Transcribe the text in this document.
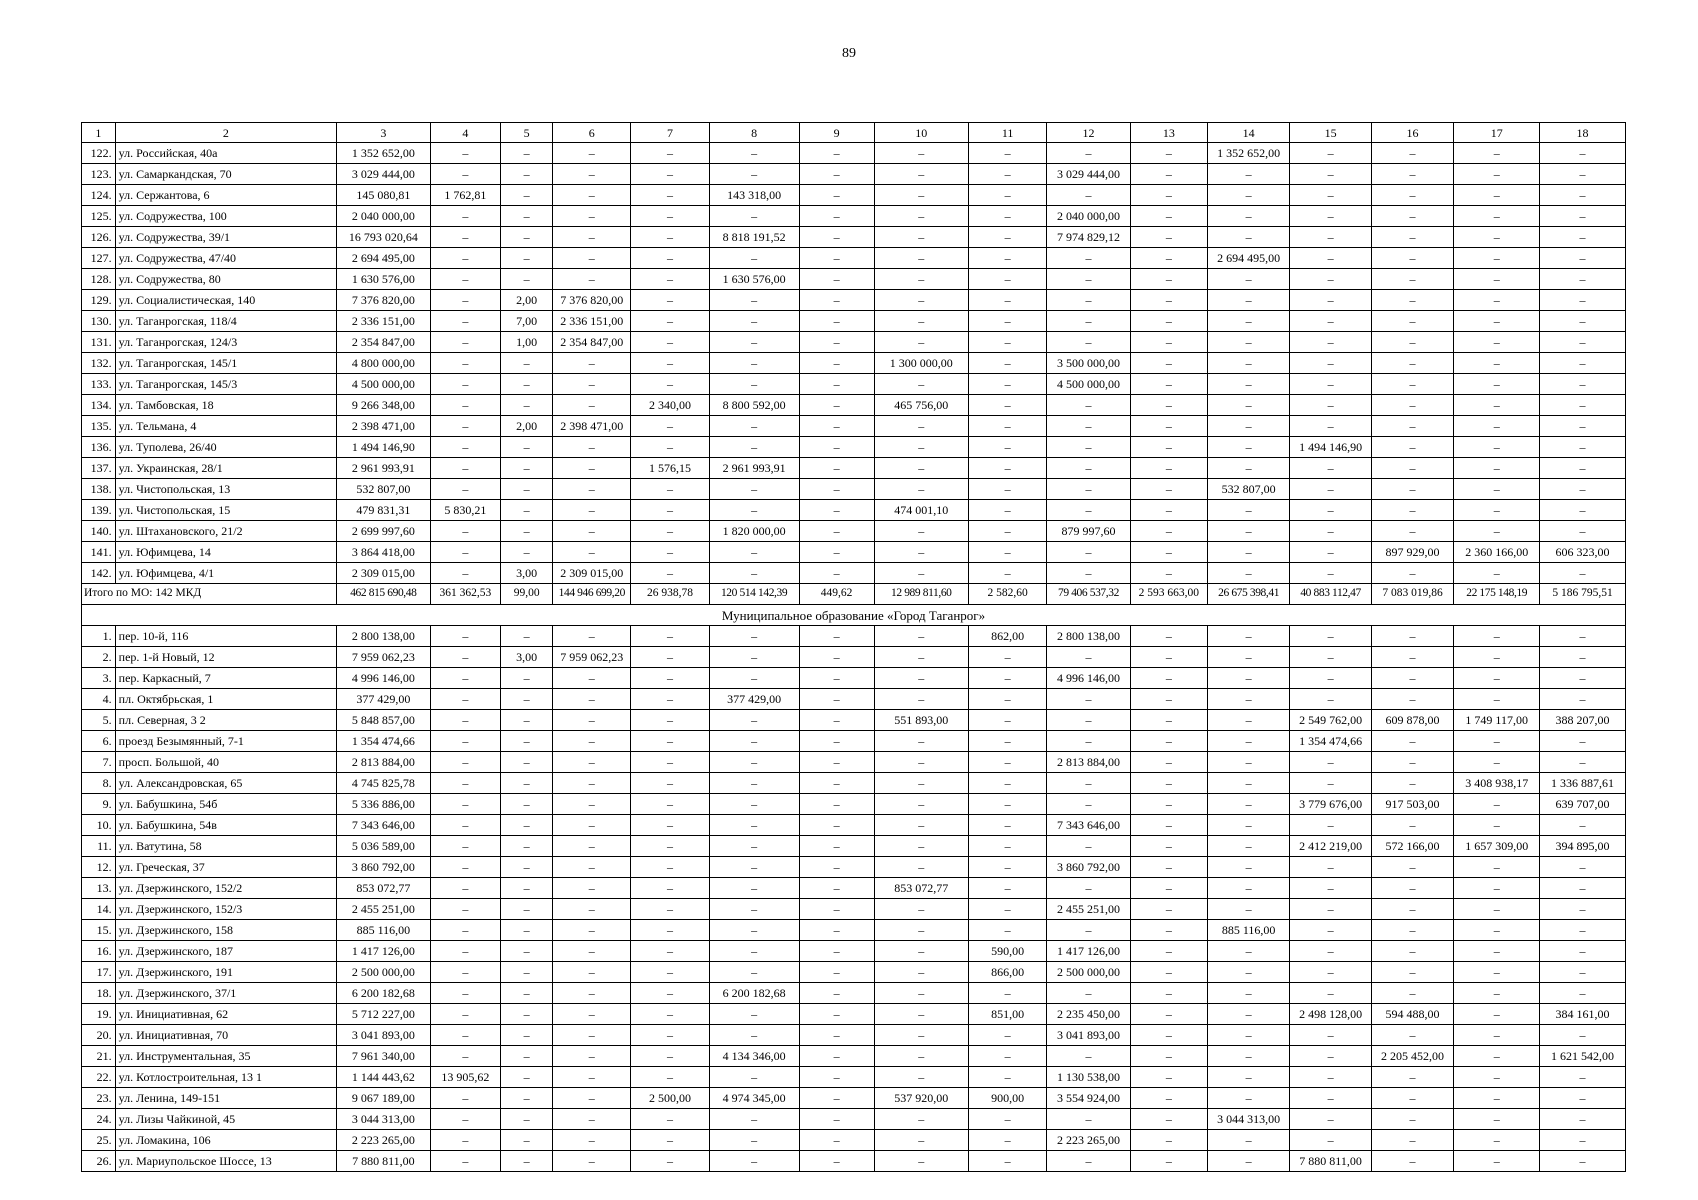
89
1	2	3	4	5	6	7	8	9	10	11	12	13	14	15	16	17	18
122.	ул. Российская, 40а	1 352 652,00	–	–	–	–	–	–	–	–	–	–	1 352 652,00	–	–	–	–
123.	ул. Самаркандская, 70	3 029 444,00	–	–	–	–	–	–	–	–	3 029 444,00	–	–	–	–	–	–
124.	ул. Сержантова, 6	145 080,81	1 762,81	–	–	–	143 318,00	–	–	–	–	–	–	–	–	–	–
125.	ул. Содружества, 100	2 040 000,00	–	–	–	–	–	–	–	–	2 040 000,00	–	–	–	–	–	–
126.	ул. Содружества, 39/1	16 793 020,64	–	–	–	–	8 818 191,52	–	–	–	7 974 829,12	–	–	–	–	–	–
127.	ул. Содружества, 47/40	2 694 495,00	–	–	–	–	–	–	–	–	–	–	2 694 495,00	–	–	–	–
128.	ул. Содружества, 80	1 630 576,00	–	–	–	–	1 630 576,00	–	–	–	–	–	–	–	–	–	–
129.	ул. Социалистическая, 140	7 376 820,00	–	2,00	7 376 820,00	–	–	–	–	–	–	–	–	–	–	–	–
130.	ул. Таганрогская, 118/4	2 336 151,00	–	7,00	2 336 151,00	–	–	–	–	–	–	–	–	–	–	–	–
131.	ул. Таганрогская, 124/3	2 354 847,00	–	1,00	2 354 847,00	–	–	–	–	–	–	–	–	–	–	–	–
132.	ул. Таганрогская, 145/1	4 800 000,00	–	–	–	–	–	–	1 300 000,00	–	3 500 000,00	–	–	–	–	–	–
133.	ул. Таганрогская, 145/3	4 500 000,00	–	–	–	–	–	–	–	–	4 500 000,00	–	–	–	–	–	–
134.	ул. Тамбовская, 18	9 266 348,00	–	–	–	2 340,00	8 800 592,00	–	465 756,00	–	–	–	–	–	–	–	–
135.	ул. Тельмана, 4	2 398 471,00	–	2,00	2 398 471,00	–	–	–	–	–	–	–	–	–	–	–	–
136.	ул. Туполева, 26/40	1 494 146,90	–	–	–	–	–	–	–	–	–	–	–	1 494 146,90	–	–	–
137.	ул. Украинская, 28/1	2 961 993,91	–	–	–	1 576,15	2 961 993,91	–	–	–	–	–	–	–	–	–	–
138.	ул. Чистопольская, 13	532 807,00	–	–	–	–	–	–	–	–	–	–	532 807,00	–	–	–	–
139.	ул. Чистопольская, 15	479 831,31	5 830,21	–	–	–	–	–	474 001,10	–	–	–	–	–	–	–	–
140.	ул. Штахановского, 21/2	2 699 997,60	–	–	–	–	1 820 000,00	–	–	–	879 997,60	–	–	–	–	–	–
141.	ул. Юфимцева, 14	3 864 418,00	–	–	–	–	–	–	–	–	–	–	–	–	897 929,00	2 360 166,00	606 323,00
142.	ул. Юфимцева, 4/1	2 309 015,00	–	3,00	2 309 015,00	–	–	–	–	–	–	–	–	–	–	–	–
Итого по МО: 142 МКД		462 815 690,48	361 362,53	99,00	144 946 699,20	26 938,78	120 514 142,39	449,62	12 989 811,60	2 582,60	79 406 537,32	2 593 663,00	26 675 398,41	40 883 112,47	7 083 019,86	22 175 148,19	5 186 795,51
Муниципальное образование «Город Таганрог»																	
1.	пер. 10-й, 116	2 800 138,00	–	–	–	–	–	–	–	862,00	2 800 138,00	–	–	–	–	–	–
2.	пер. 1-й Новый, 12	7 959 062,23	–	3,00	7 959 062,23	–	–	–	–	–	–	–	–	–	–	–	–
3.	пер. Каркасный, 7	4 996 146,00	–	–	–	–	–	–	–	–	4 996 146,00	–	–	–	–	–	–
4.	пл. Октябрьская, 1	377 429,00	–	–	–	–	377 429,00	–	–	–	–	–	–	–	–	–	–
5.	пл. Северная, 3 2	5 848 857,00	–	–	–	–	–	–	551 893,00	–	–	–	–	2 549 762,00	609 878,00	1 749 117,00	388 207,00
6.	проезд Безымянный, 7-1	1 354 474,66	–	–	–	–	–	–	–	–	–	–	–	1 354 474,66	–	–	–
7.	просп. Большой, 40	2 813 884,00	–	–	–	–	–	–	–	–	2 813 884,00	–	–	–	–	–	–
8.	ул. Александровская, 65	4 745 825,78	–	–	–	–	–	–	–	–	–	–	–	–	–	3 408 938,17	1 336 887,61
9.	ул. Бабушкина, 54б	5 336 886,00	–	–	–	–	–	–	–	–	–	–	–	3 779 676,00	917 503,00	–	639 707,00
10.	ул. Бабушкина, 54в	7 343 646,00	–	–	–	–	–	–	–	–	7 343 646,00	–	–	–	–	–	–
11.	ул. Ватутина, 58	5 036 589,00	–	–	–	–	–	–	–	–	–	–	–	2 412 219,00	572 166,00	1 657 309,00	394 895,00
12.	ул. Греческая, 37	3 860 792,00	–	–	–	–	–	–	–	–	3 860 792,00	–	–	–	–	–	–
13.	ул. Дзержинского, 152/2	853 072,77	–	–	–	–	–	–	853 072,77	–	–	–	–	–	–	–	–
14.	ул. Дзержинского, 152/3	2 455 251,00	–	–	–	–	–	–	–	–	2 455 251,00	–	–	–	–	–	–
15.	ул. Дзержинского, 158	885 116,00	–	–	–	–	–	–	–	–	–	–	885 116,00	–	–	–	–
16.	ул. Дзержинского, 187	1 417 126,00	–	–	–	–	–	–	–	590,00	1 417 126,00	–	–	–	–	–	–
17.	ул. Дзержинского, 191	2 500 000,00	–	–	–	–	–	–	–	866,00	2 500 000,00	–	–	–	–	–	–
18.	ул. Дзержинского, 37/1	6 200 182,68	–	–	–	–	6 200 182,68	–	–	–	–	–	–	–	–	–	–
19.	ул. Инициативная, 62	5 712 227,00	–	–	–	–	–	–	–	851,00	2 235 450,00	–	–	2 498 128,00	594 488,00	–	384 161,00
20.	ул. Инициативная, 70	3 041 893,00	–	–	–	–	–	–	–	–	3 041 893,00	–	–	–	–	–	–
21.	ул. Инструментальная, 35	7 961 340,00	–	–	–	–	4 134 346,00	–	–	–	–	–	–	–	2 205 452,00	–	1 621 542,00
22.	ул. Котлостроительная, 13 1	1 144 443,62	13 905,62	–	–	–	–	–	–	–	1 130 538,00	–	–	–	–	–	–
23.	ул. Ленина, 149-151	9 067 189,00	–	–	–	2 500,00	4 974 345,00	–	537 920,00	900,00	3 554 924,00	–	–	–	–	–	–
24.	ул. Лизы Чайкиной, 45	3 044 313,00	–	–	–	–	–	–	–	–	–	–	3 044 313,00	–	–	–	–
25.	ул. Ломакина, 106	2 223 265,00	–	–	–	–	–	–	–	–	2 223 265,00	–	–	–	–	–	–
26.	ул. Мариупольское Шоссе, 13	7 880 811,00	–	–	–	–	–	–	–	–	–	–	–	7 880 811,00	–	–	–
